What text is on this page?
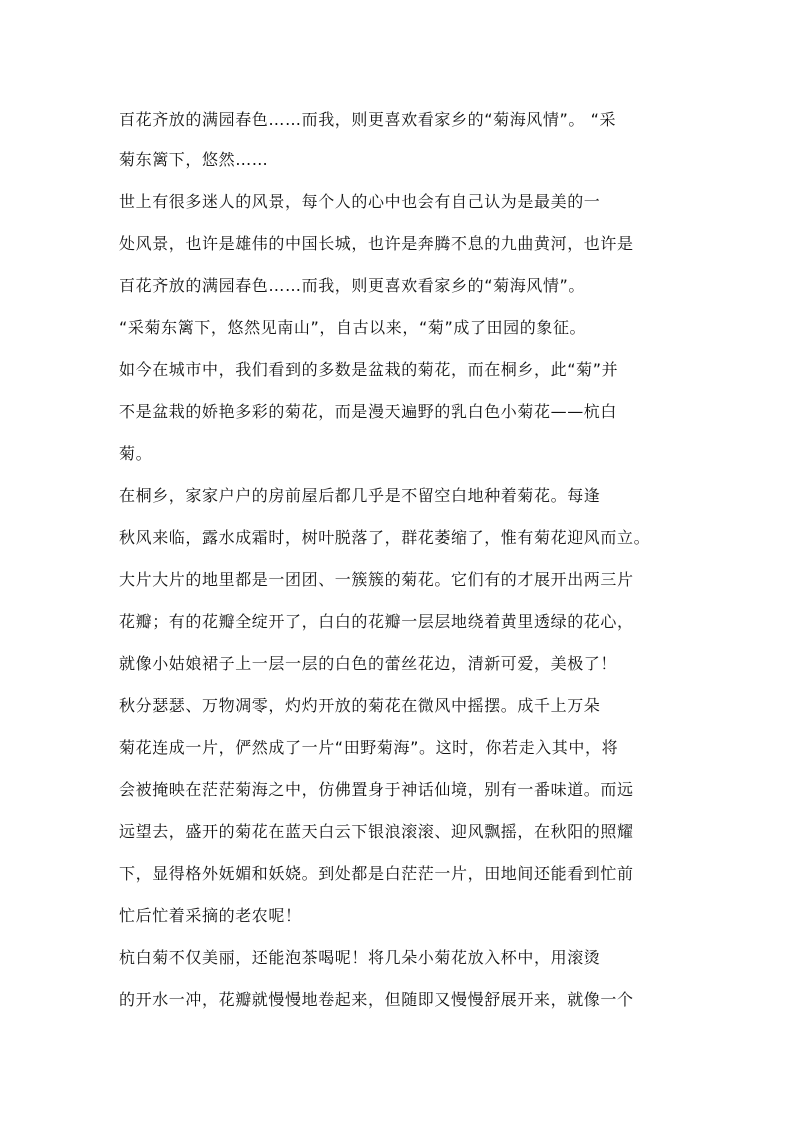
百花齐放的满园春色……而我，则更喜欢看家乡的“菊海风情”。 “采
菊东篱下，悠然……
世上有很多迷人的风景，每个人的心中也会有自己认为是最美的一
处风景，也许是雄伟的中国长城，也许是奔腾不息的九曲黄河，也许是
百花齐放的满园春色……而我，则更喜欢看家乡的“菊海风情”。
“采菊东篱下，悠然见南山”，自古以来，“菊”成了田园的象征。
如今在城市中，我们看到的多数是盆栽的菊花，而在桐乡，此“菊”并
不是盆栽的娇艳多彩的菊花，而是漫天遍野的乳白色小菊花——杭白
菊。
在桐乡，家家户户的房前屋后都几乎是不留空白地种着菊花。每逢
秋风来临，露水成霜时，树叶脱落了，群花萎缩了，惟有菊花迎风而立。
大片大片的地里都是一团团、一簇簇的菊花。它们有的才展开出两三片
花瓣；有的花瓣全绽开了，白白的花瓣一层层地绕着黄里透绿的花心，
就像小姑娘裙子上一层一层的白色的蕾丝花边，清新可爱，美极了！
秋分瑟瑟、万物凋零，灼灼开放的菊花在微风中摇摆。成千上万朵
菊花连成一片，俨然成了一片“田野菊海”。这时，你若走入其中，将
会被掩映在茫茫菊海之中，仿佛置身于神话仙境，别有一番味道。而远
远望去，盛开的菊花在蓝天白云下银浪滚滚、迎风飘摇，在秋阳的照耀
下，显得格外妩媚和妖娆。到处都是白茫茫一片，田地间还能看到忙前
忙后忙着采摘的老农呢！
杭白菊不仅美丽，还能泡茶喝呢！将几朵小菊花放入杯中，用滚烫
的开水一冲，花瓣就慢慢地卷起来，但随即又慢慢舒展开来，就像一个
